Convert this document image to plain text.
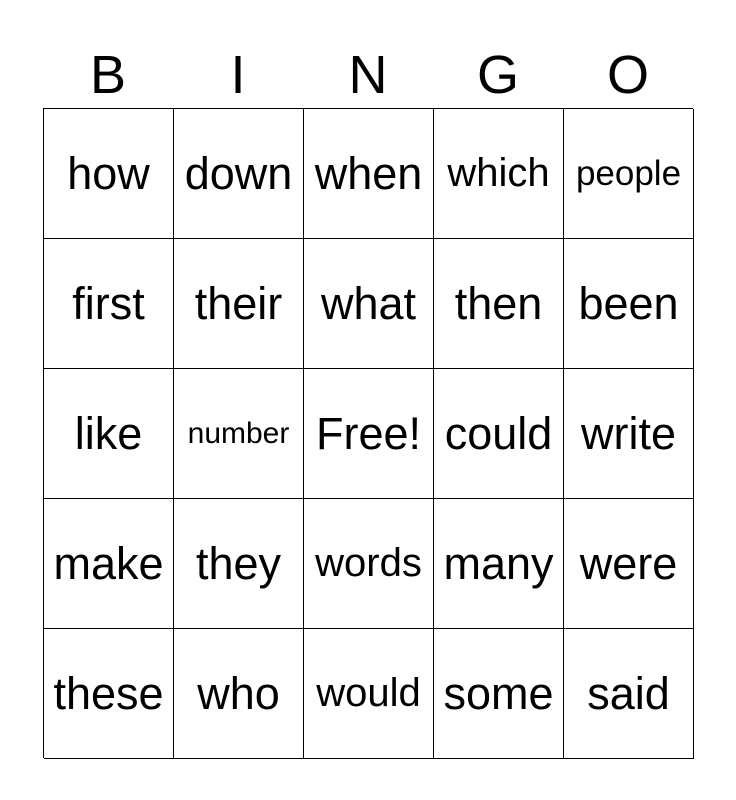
B	I	N	G	O
how down when which people
first	their what then been
like	number Free! could write
make they words many were
these who would some said
